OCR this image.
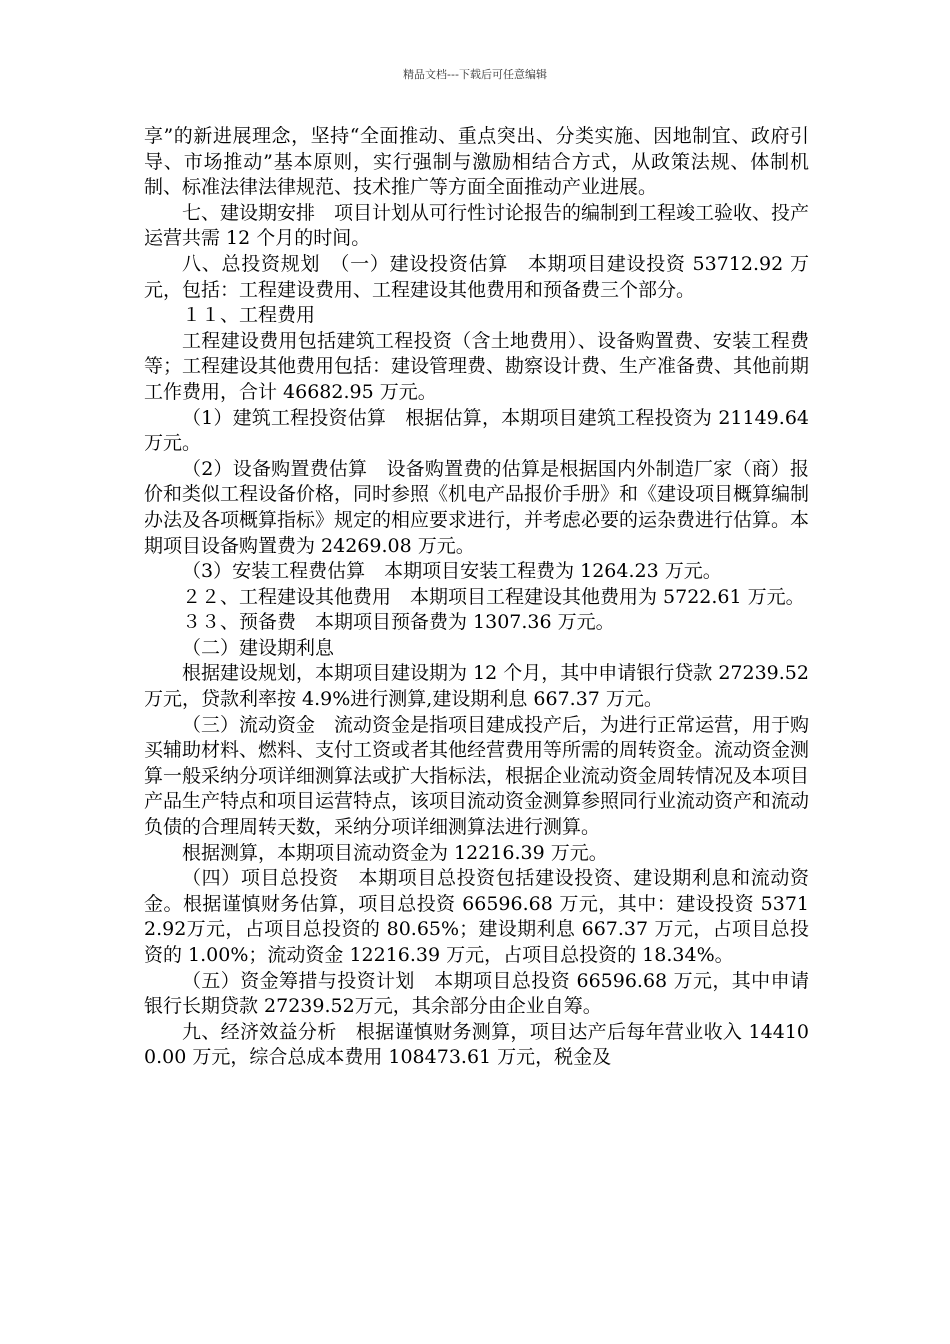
精品文档---下载后可任意编辑

享”的新进展理念，坚持“全面推动、重点突出、分类实施、因地制宜、政府引导、市场推动”基本原则，实行强制与激励相结合方式，从政策法规、体制机制、标准法律法律规范、技术推广等方面全面推动产业进展。

七、建设期安排　项目计划从可行性讨论报告的编制到工程竣工验收、投产运营共需 12 个月的时间。

八、总投资规划　（一）建设投资估算　本期项目建设投资 53712.92 万元，包括：工程建设费用、工程建设其他费用和预备费三个部分。

１１、工程费用

工程建设费用包括建筑工程投资（含土地费用）、设备购置费、安装工程费等；工程建设其他费用包括：建设管理费、勘察设计费、生产准备费、其他前期工作费用，合计 46682.95 万元。

（1）建筑工程投资估算　根据估算，本期项目建筑工程投资为 21149.64 万元。

（2）设备购置费估算　设备购置费的估算是根据国内外制造厂家（商）报价和类似工程设备价格，同时参照《机电产品报价手册》和《建设项目概算编制办法及各项概算指标》规定的相应要求进行，并考虑必要的运杂费进行估算。本期项目设备购置费为 24269.08 万元。

（3）安装工程费估算　本期项目安装工程费为 1264.23 万元。

２２、工程建设其他费用　本期项目工程建设其他费用为 5722.61 万元。

３３、预备费　本期项目预备费为 1307.36 万元。

（二）建设期利息

根据建设规划，本期项目建设期为 12 个月，其中申请银行贷款 27239.52 万元，贷款利率按 4.9%进行测算,建设期利息 667.37 万元。

（三）流动资金　流动资金是指项目建成投产后，为进行正常运营，用于购买辅助材料、燃料、支付工资或者其他经营费用等所需的周转资金。流动资金测算一般采纳分项详细测算法或扩大指标法，根据企业流动资金周转情况及本项目产品生产特点和项目运营特点，该项目流动资金测算参照同行业流动资产和流动负债的合理周转天数，采纳分项详细测算法进行测算。

根据测算，本期项目流动资金为 12216.39 万元。

（四）项目总投资　本期项目总投资包括建设投资、建设期利息和流动资金。根据谨慎财务估算，项目总投资 66596.68 万元，其中：建设投资 53712.92万元，占项目总投资的 80.65%；建设期利息 667.37 万元，占项目总投资的 1.00%；流动资金 12216.39 万元，占项目总投资的 18.34%。

（五）资金筹措与投资计划　本期项目总投资 66596.68 万元，其中申请银行长期贷款 27239.52万元，其余部分由企业自筹。

九、经济效益分析　根据谨慎财务测算，项目达产后每年营业收入 144100.00 万元，综合总成本费用 108473.61 万元，税金及
